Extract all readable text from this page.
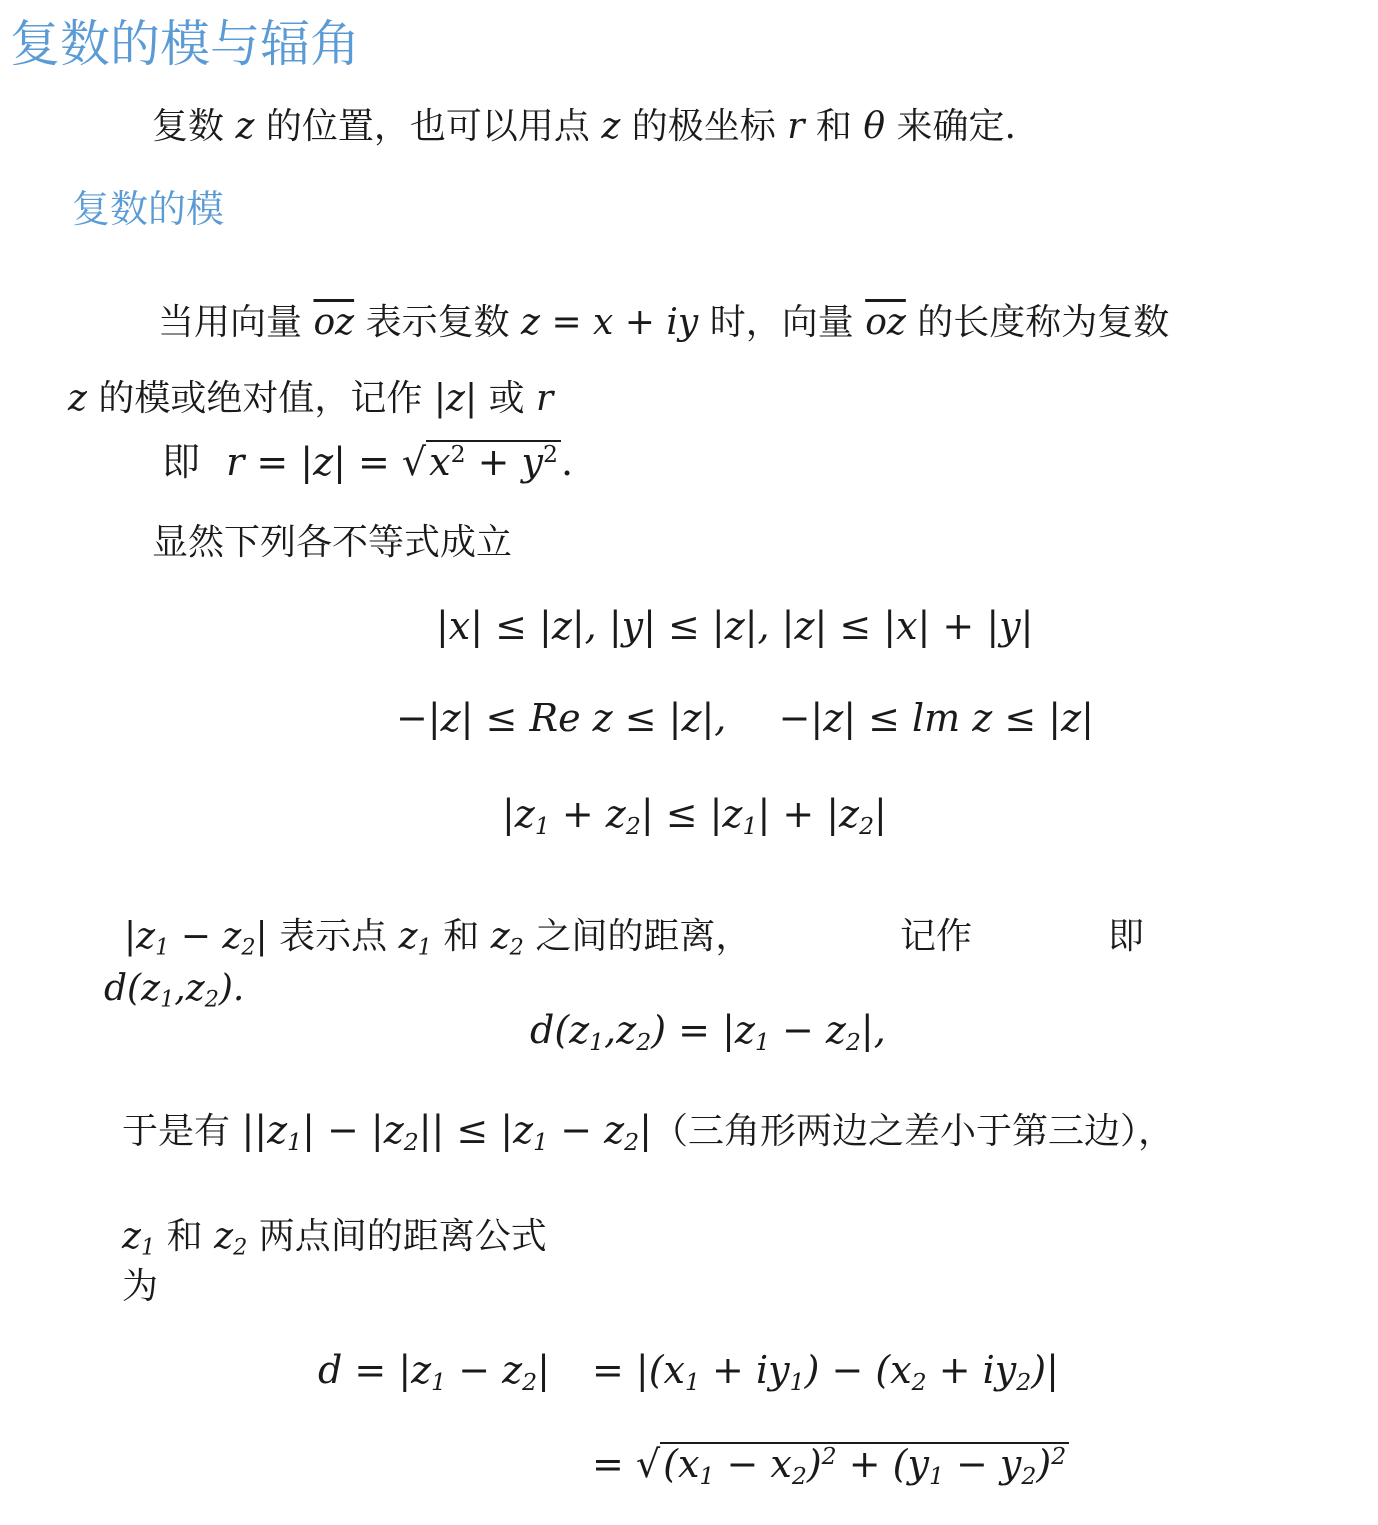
复数的模与辐角
复数 z 的位置，也可以用点 z 的极坐标 r 和 θ 来确定.
复数的模
当用向量 $\overline{oz}$ 表示复数 z = x + iy 时，向量 $\overline{oz}$ 的长度称为复数
z 的模或绝对值，记作 |z| 或 r
即 $r = |z| = √x^2 + y^2$.
显然下列各不等式成立
|x| ≤ |z|, |y| ≤ |z|, |z| ≤ |x| + |y|
−|z| ≤ Re z ≤ |z|, −|z| ≤ lm z ≤ |z|
$|z_1 + z_2| \le |z_1| + |z_2|$
$|z_1 - z_2|$ 表示点 $z_1$ 和 $z_2$ 之间的距离，	记作	即
$d(z_1,z_2)$.
$d(z_1,z_2) = |z_1 - z_2|$,
于是有 $||z_1| - |z_2|| \le |z_1 - z_2|$（三角形两边之差小于第三边），
$z_1$ 和 $z_2$ 两点间的距离公式
为
$d = |z_1 - z_2| = |(x_1 + iy_1) - (x_2 + iy_2)|$
= $√(x_1 - x_2)^2 + (y_1 - y_2)^2$
